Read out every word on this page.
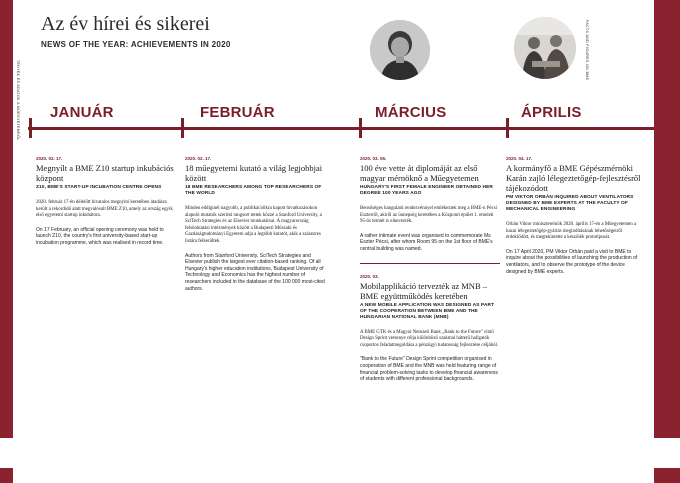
TÉNYEK ÉS ADATOK A MŰEGYETEMRŐL
FACTS AND FIGURES ON BME
Az év hírei és sikerei
NEWS OF THE YEAR: ACHIEVEMENTS IN 2020
JANUÁR	FEBRUÁR	MÁRCIUS	ÁPRILIS
2020. 02. 17.
Megnyílt a BME Z10 startup inkubációs központ
Z10, BME'S START-UP INCUBATION CENTRE OPENS
2020. február 17-én délelőtt hivatalos megnyitó keretében átadásra került a rekordidő alatt megvalósult BME Z10, amely az ország egyik első egyetemi startup inkubátora.
On 17 February, an official opening ceremony was held to launch Z10, the country's first university-based start-up incubation programme, which was realised in record time.
2020. 02. 17.
18 műegyetemi kutató a világ legjobbjai között
18 BME RESEARCHERS AMONG TOP RESEARCHERS OF THE WORLD
Minden eddiginél nagyobb, a publikációikra kapott hivatkozásokon alapuló mutatók szerinti rangsort tettek közzé a Stanford University, a SciTech Strategies és az Elsevier munkatársai. A magyarország felsőoktatási intézmények között a Budapesti Műszaki és Gazdaságtudományi Egyetem adja a legtöbb kutatót, akik a százezres listára felkerültek.
Authors from Stanford University, SciTech Strategies and Elsevier publish the largest ever citation-based ranking. Of all Hungary's higher education institutions, Budapest University of Technology and Economics has the highest number of researchers included in the database of the 100 000 most-cited authors.
2020. 03. 06.
100 éve vette át diplomáját az első magyar mérnöknő a Műegyetemen
HUNGARY'S FIRST FEMALE ENGINEER OBTAINED HER DEGREE 100 YEARS AGO
Bensőséges hangulatú rendezvénnyel emlékeztek meg a BME-n Pécsi Eszterről, akiről az ünnepség keretében a Központi épület 1. emeleti 95-ös termét is elnevezték.
A rather intimate event was organised to commemorate Ms Eszter Pécsi, after whom Room 95 on the 1st floor of BME's central building was named.
2020. 03.
Mobilapplikáció tervezték az MNB – BME együttműködés keretében
A NEW MOBILE APPLICATION WAS DESIGNED AS PART OF THE COOPERATION BETWEEN BME AND THE HUNGARIAN NATIONAL BANK (MNB)
A BME GTK és a Magyar Nemzeti Bank „Bank to the Future" című Design Sprint versenye célja különböző szakmai hátterű hallgatók csoportos feladatmegoldása a pénzügyi tudatosság fejlesztése céljából.
"Bank to the Future" Design Sprint competition organised in cooperation of BME and the MNB was held featuring range of financial problem-solving tasks to develop financial awareness of students with different professional backgrounds.
2020. 04. 17.
A kormányfő a BME Gépészmérnöki Karán zajló lélegeztetőgép-fejlesztésről tájékozódott
PM VIKTOR ORBÁN INQUIRED ABOUT VENTILATORS DESIGNED BY BME EXPERTS AT THE FACULTY OF MECHANICAL ENGINEERING
Orbán Viktor miniszterelnök 2020. április 17-én a Műegyetemen a hazai lélegeztetőgép-gyártás megindításának lehetőségeiről érdeklődött, és megtekintette a készülék prototípusát.
On 17 April 2020, PM Viktor Orbán paid a visit to BME to inquire about the possibilities of launching the production of ventilators, and to observe the prototype of the device designed by BME experts.
